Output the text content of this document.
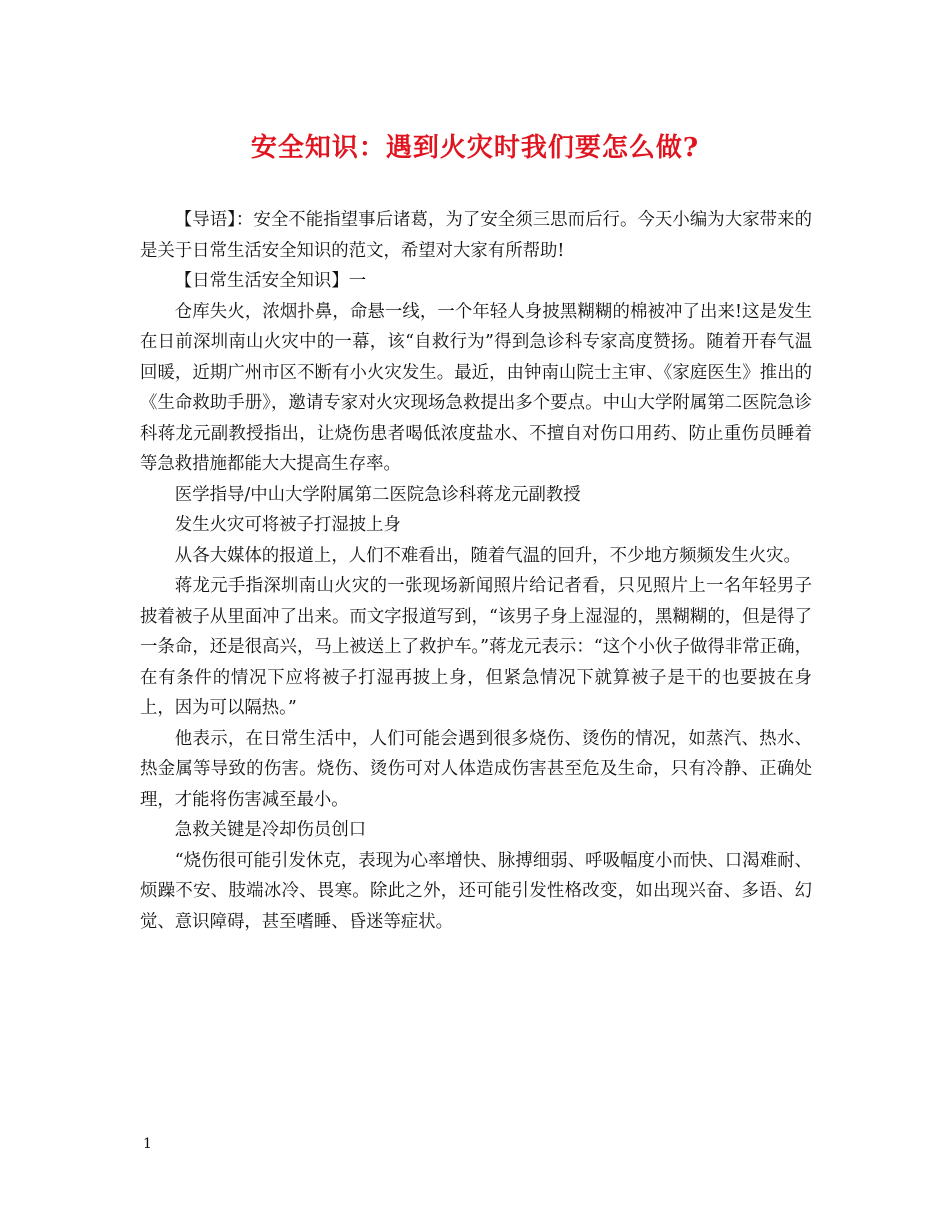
安全知识：遇到火灾时我们要怎么做?

【导语】：安全不能指望事后诸葛，为了安全须三思而后行。今天小编为大家带来的是关于日常生活安全知识的范文，希望对大家有所帮助!

【日常生活安全知识】一

仓库失火，浓烟扑鼻，命悬一线，一个年轻人身披黑糊糊的棉被冲了出来!这是发生在日前深圳南山火灾中的一幕，该“自救行为”得到急诊科专家高度赞扬。随着开春气温回暖，近期广州市区不断有小火灾发生。最近，由钟南山院士主审、《家庭医生》推出的《生命救助手册》，邀请专家对火灾现场急救提出多个要点。中山大学附属第二医院急诊科蒋龙元副教授指出，让烧伤患者喝低浓度盐水、不擅自对伤口用药、防止重伤员睡着等急救措施都能大大提高生存率。

医学指导/中山大学附属第二医院急诊科蒋龙元副教授

发生火灾可将被子打湿披上身

从各大媒体的报道上，人们不难看出，随着气温的回升，不少地方频频发生火灾。

蒋龙元手指深圳南山火灾的一张现场新闻照片给记者看，只见照片上一名年轻男子披着被子从里面冲了出来。而文字报道写到，“该男子身上湿湿的，黑糊糊的，但是得了一条命，还是很高兴，马上被送上了救护车。”蒋龙元表示：“这个小伙子做得非常正确，在有条件的情况下应将被子打湿再披上身，但紧急情况下就算被子是干的也要披在身上，因为可以隔热。”

他表示，在日常生活中，人们可能会遇到很多烧伤、烫伤的情况，如蒸汽、热水、热金属等导致的伤害。烧伤、烫伤可对人体造成伤害甚至危及生命，只有冷静、正确处理，才能将伤害减至最小。

急救关键是冷却伤员创口

“烧伤很可能引发休克，表现为心率增快、脉搏细弱、呼吸幅度小而快、口渴难耐、烦躁不安、肢端冰冷、畏寒。除此之外，还可能引发性格改变，如出现兴奋、多语、幻觉、意识障碍，甚至嗜睡、昏迷等症状。

1
